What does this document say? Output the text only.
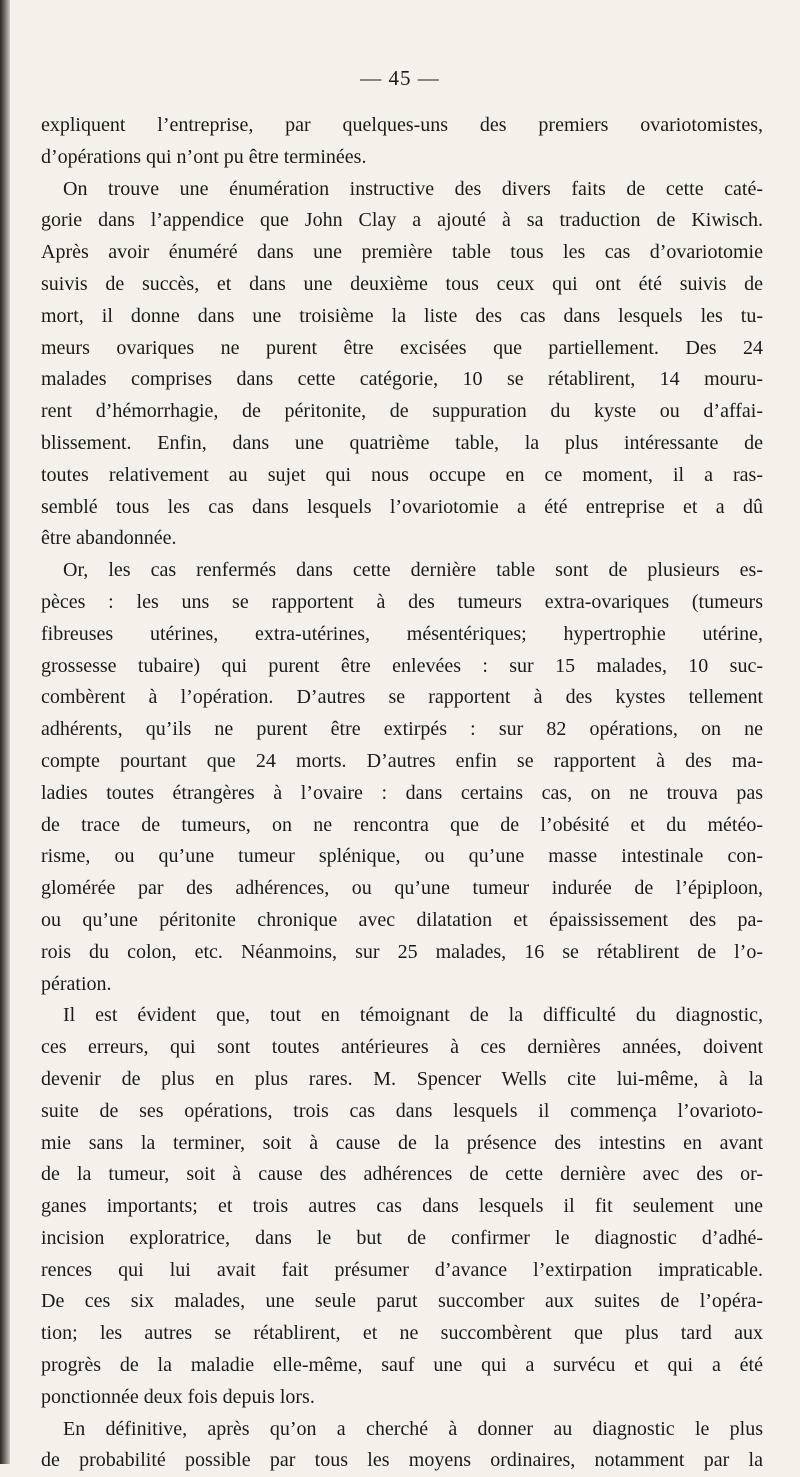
— 45 —
expliquent l’entreprise, par quelques-uns des premiers ovariotomistes,
d’opérations qui n’ont pu être terminées.
On trouve une énumération instructive des divers faits de cette caté-
gorie dans l’appendice que John Clay a ajouté à sa traduction de Kiwisch.
Après avoir énuméré dans une première table tous les cas d’ovariotomie
suivis de succès, et dans une deuxième tous ceux qui ont été suivis de
mort, il donne dans une troisième la liste des cas dans lesquels les tu-
meurs ovariques ne purent être excisées que partiellement. Des 24
malades comprises dans cette catégorie, 10 se rétablirent, 14 mouru-
rent d’hémorrhagie, de péritonite, de suppuration du kyste ou d’affai-
blissement. Enfin, dans une quatrième table, la plus intéressante de
toutes relativement au sujet qui nous occupe en ce moment, il a ras-
semblé tous les cas dans lesquels l’ovariotomie a été entreprise et a dû
être abandonnée.
Or, les cas renfermés dans cette dernière table sont de plusieurs es-
pèces : les uns se rapportent à des tumeurs extra-ovariques (tumeurs
fibreuses utérines, extra-utérines, mésentériques; hypertrophie utérine,
grossesse tubaire) qui purent être enlevées : sur 15 malades, 10 suc-
combèrent à l’opération. D’autres se rapportent à des kystes tellement
adhérents, qu’ils ne purent être extirpés : sur 82 opérations, on ne
compte pourtant que 24 morts. D’autres enfin se rapportent à des ma-
ladies toutes étrangères à l’ovaire : dans certains cas, on ne trouva pas
de trace de tumeurs, on ne rencontra que de l’obésité et du météo-
risme, ou qu’une tumeur splénique, ou qu’une masse intestinale con-
glomérée par des adhérences, ou qu’une tumeur indurée de l’épiploon,
ou qu’une péritonite chronique avec dilatation et épaississement des pa-
rois du colon, etc. Néanmoins, sur 25 malades, 16 se rétablirent de l’o-
pération.
Il est évident que, tout en témoignant de la difficulté du diagnostic,
ces erreurs, qui sont toutes antérieures à ces dernières années, doivent
devenir de plus en plus rares. M. Spencer Wells cite lui-même, à la
suite de ses opérations, trois cas dans lesquels il commença l’ovarioto-
mie sans la terminer, soit à cause de la présence des intestins en avant
de la tumeur, soit à cause des adhérences de cette dernière avec des or-
ganes importants; et trois autres cas dans lesquels il fit seulement une
incision exploratrice, dans le but de confirmer le diagnostic d’adhé-
rences qui lui avait fait présumer d’avance l’extirpation impraticable.
De ces six malades, une seule parut succomber aux suites de l’opéra-
tion; les autres se rétablirent, et ne succombèrent que plus tard aux
progrès de la maladie elle-même, sauf une qui a survécu et qui a été
ponctionnée deux fois depuis lors.
En définitive, après qu’on a cherché à donner au diagnostic le plus
de probabilité possible par tous les moyens ordinaires, notamment par la
